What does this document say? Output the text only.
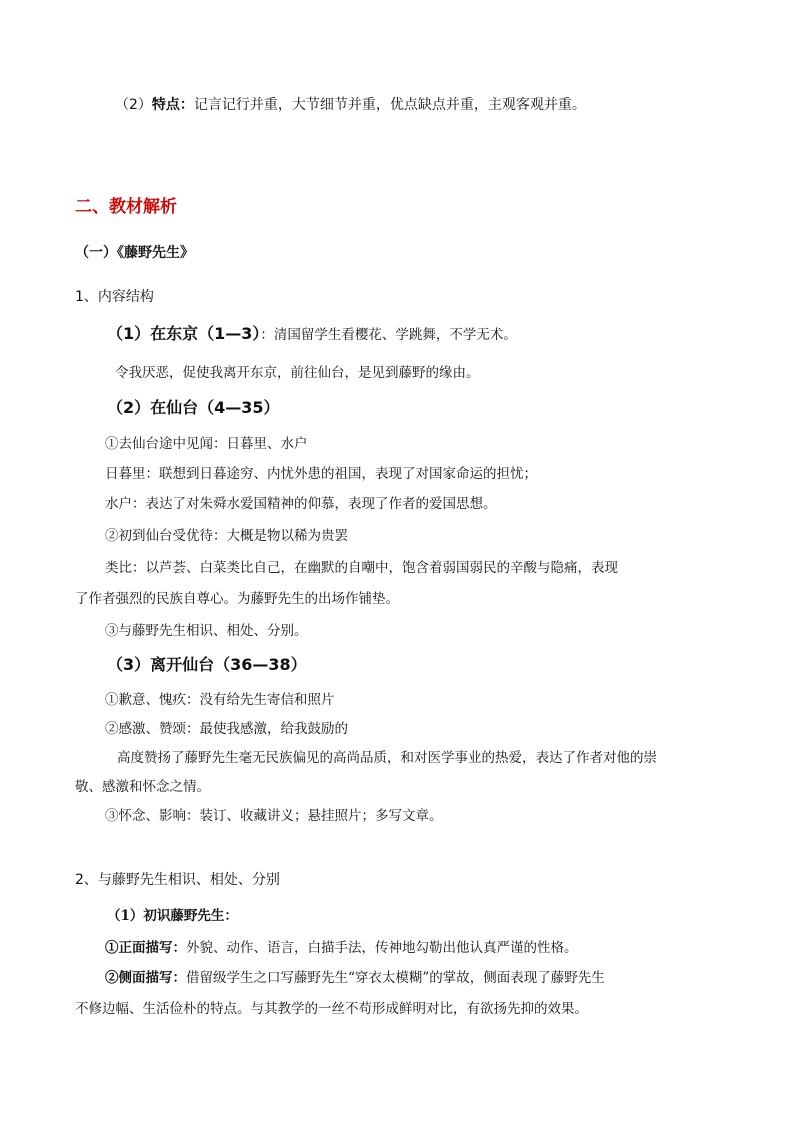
（2）特点：记言记行并重，大节细节并重，优点缺点并重，主观客观并重。
二、教材解析
（一）《藤野先生》
1、内容结构
（1）在东京（1—3）：清国留学生看樱花、学跳舞，不学无术。
令我厌恶，促使我离开东京，前往仙台，是见到藤野的缘由。
（2）在仙台（4—35）
①去仙台途中见闻：日暮里、水户
日暮里：联想到日暮途穷、内忧外患的祖国，表现了对国家命运的担忧；
水户：表达了对朱舜水爱国精神的仰慕，表现了作者的爱国思想。
②初到仙台受优待：大概是物以稀为贵罢
类比：以芦荟、白菜类比自己，在幽默的自嘲中，饱含着弱国弱民的辛酸与隐痛，表现
了作者强烈的民族自尊心。为藤野先生的出场作铺垫。
③与藤野先生相识、相处、分别。
（3）离开仙台（36—38）
①歉意、愧疚：没有给先生寄信和照片
②感激、赞颂：最使我感激，给我鼓励的
高度赞扬了藤野先生毫无民族偏见的高尚品质，和对医学事业的热爱，表达了作者对他的崇
敬、感激和怀念之情。
③怀念、影响：装订、收藏讲义；悬挂照片；多写文章。
2、与藤野先生相识、相处、分别
（1）初识藤野先生：
①正面描写：外貌、动作、语言，白描手法，传神地勾勒出他认真严谨的性格。
②侧面描写：借留级学生之口写藤野先生“穿衣太模糊”的掌故，侧面表现了藤野先生
不修边幅、生活俭朴的特点。与其教学的一丝不苟形成鲜明对比，有欲扬先抑的效果。
